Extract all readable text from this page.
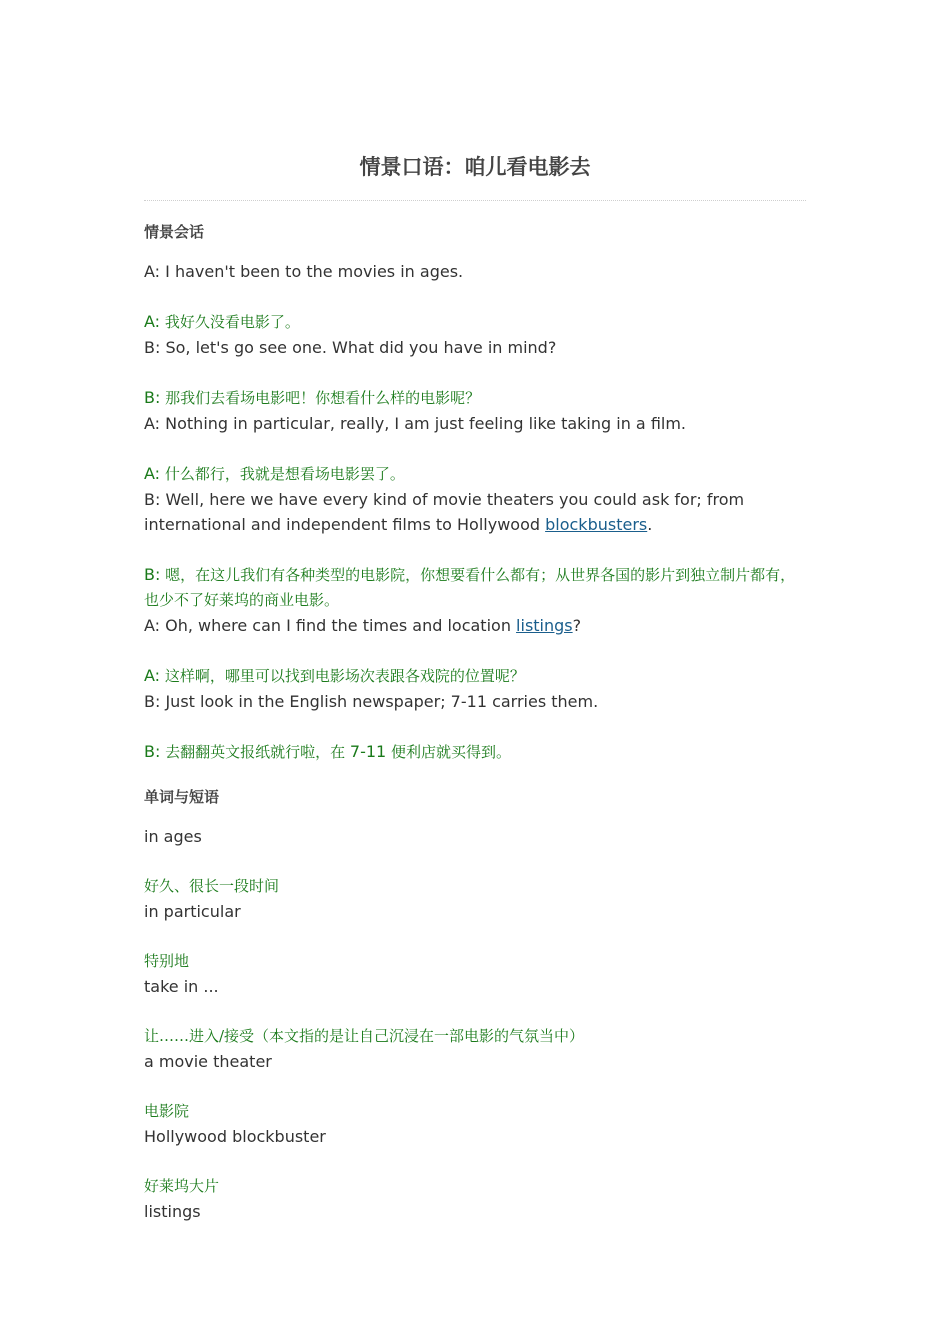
情景口语：咱儿看电影去
情景会话

A: I haven't been to the movies in ages.

A: 我好久没看电影了。

B: So, let's go see one. What did you have in mind?

B: 那我们去看场电影吧！你想看什么样的电影呢？

A: Nothing in particular, really, I am just feeling like taking in a film.

A: 什么都行，我就是想看场电影罢了。

B: Well, here we have every kind of movie theaters you could ask for; from international and independent films to Hollywood blockbusters.

B: 嗯，在这儿我们有各种类型的电影院，你想要看什么都有；从世界各国的影片到独立制片都有，也少不了好莱坞的商业电影。

A: Oh, where can I find the times and location listings?

A: 这样啊，哪里可以找到电影场次表跟各戏院的位置呢？

B: Just look in the English newspaper; 7-11 carries them.

B: 去翻翻英文报纸就行啦，在 7-11 便利店就买得到。

单词与短语

in ages

好久、很长一段时间

in particular

特别地

take in ...

让……进入/接受（本文指的是让自己沉浸在一部电影的气氛当中）

a movie theater

电影院

Hollywood blockbuster

好莱坞大片

listings
